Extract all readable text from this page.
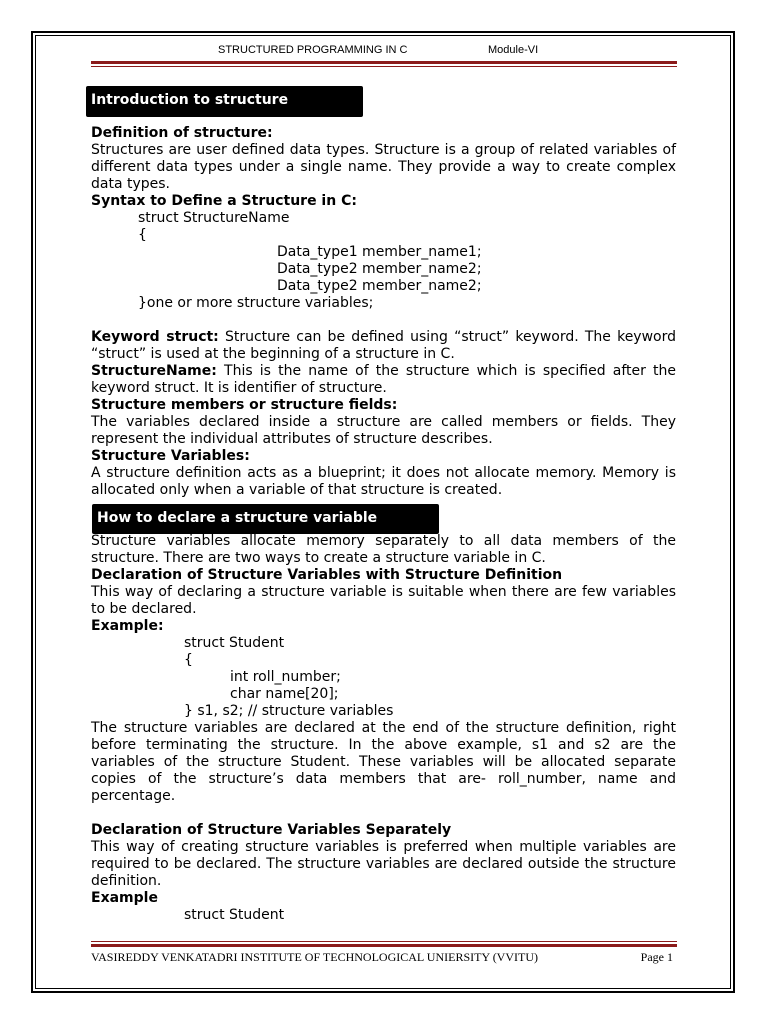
STRUCTURED PROGRAMMING IN C	Module-VI
Introduction to structure

Definition of structure:

Structures are user defined data types. Structure is a group of related variables of different data types under a single name. They provide a way to create complex data types.

Syntax to Define a Structure in C:

struct StructureName

{

Data_type1 member_name1;

Data_type2 member_name2;

Data_type2 member_name2;

}one or more structure variables;

Keyword struct: Structure can be defined using “struct” keyword. The keyword “struct” is used at the beginning of a structure in C.

StructureName: This is the name of the structure which is specified after the keyword struct. It is identifier of structure.

Structure members or structure fields:

The variables declared inside a structure are called members or fields. They represent the individual attributes of structure describes.

Structure Variables:

A structure definition acts as a blueprint; it does not allocate memory. Memory is allocated only when a variable of that structure is created.

How to declare a structure variable

Structure variables allocate memory separately to all data members of the structure. There are two ways to create a structure variable in C.

Declaration of Structure Variables with Structure Definition

This way of declaring a structure variable is suitable when there are few variables to be declared.

Example:

struct Student

{

int roll_number;

char name[20];

} s1, s2; // structure variables

The structure variables are declared at the end of the structure definition, right before terminating the structure. In the above example, s1 and s2 are the variables of the structure Student. These variables will be allocated separate copies of the structure’s data members that are- roll_number, name and percentage.

Declaration of Structure Variables Separately

This way of creating structure variables is preferred when multiple variables are required to be declared. The structure variables are declared outside the structure definition.

Example

struct Student

VASIREDDY VENKATADRI INSTITUTE OF TECHNOLOGICAL UNIERSITY (VVITU)	Page 1
